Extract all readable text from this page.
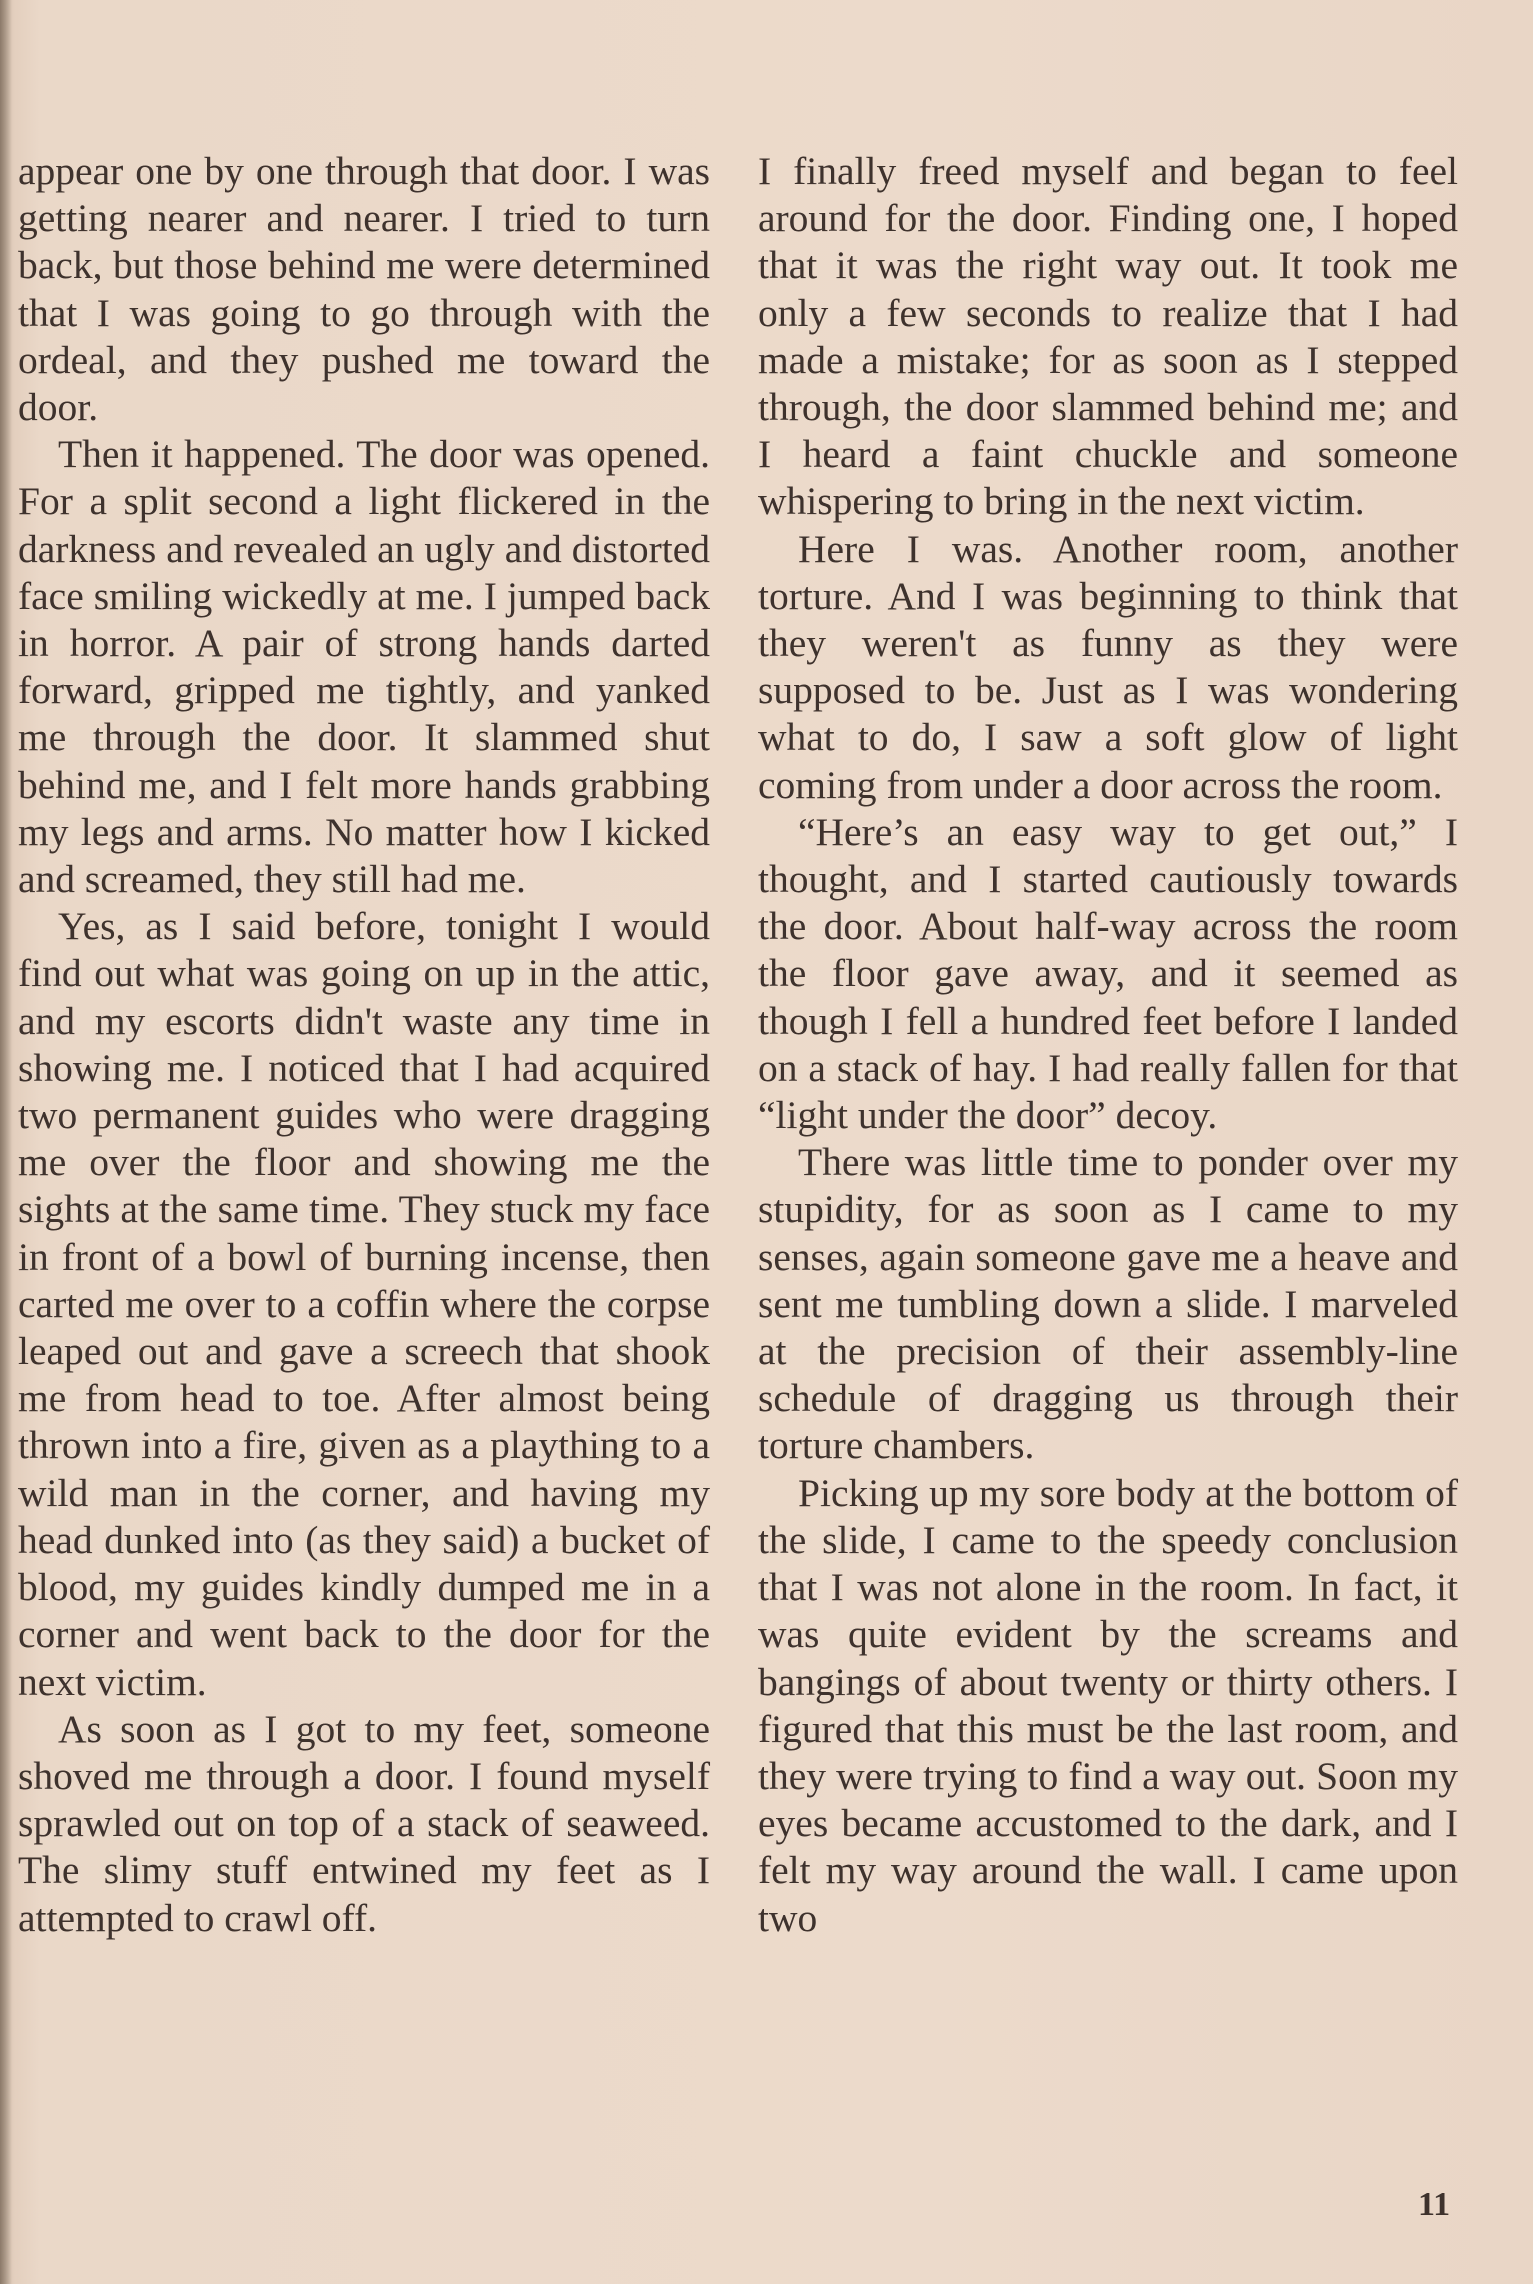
appear one by one through that door. I was getting nearer and nearer. I tried to turn back, but those behind me were determined that I was going to go through with the ordeal, and they pushed me toward the door.

Then it happened. The door was opened. For a split second a light flickered in the darkness and revealed an ugly and distorted face smiling wickedly at me. I jumped back in horror. A pair of strong hands darted forward, gripped me tightly, and yanked me through the door. It slammed shut behind me, and I felt more hands grabbing my legs and arms. No matter how I kicked and screamed, they still had me.

Yes, as I said before, tonight I would find out what was going on up in the attic, and my escorts didn't waste any time in showing me. I noticed that I had acquired two permanent guides who were dragging me over the floor and showing me the sights at the same time. They stuck my face in front of a bowl of burning incense, then carted me over to a coffin where the corpse leaped out and gave a screech that shook me from head to toe. After almost being thrown into a fire, given as a plaything to a wild man in the corner, and having my head dunked into (as they said) a bucket of blood, my guides kindly dumped me in a corner and went back to the door for the next victim.

As soon as I got to my feet, someone shoved me through a door. I found myself sprawled out on top of a stack of seaweed. The slimy stuff entwined my feet as I attempted to crawl off.

I finally freed myself and began to feel around for the door. Finding one, I hoped that it was the right way out. It took me only a few seconds to realize that I had made a mistake; for as soon as I stepped through, the door slammed behind me; and I heard a faint chuckle and someone whispering to bring in the next victim.

Here I was. Another room, another torture. And I was beginning to think that they weren't as funny as they were supposed to be. Just as I was wondering what to do, I saw a soft glow of light coming from under a door across the room.

“Here’s an easy way to get out,” I thought, and I started cautiously towards the door. About half-way across the room the floor gave away, and it seemed as though I fell a hundred feet before I landed on a stack of hay. I had really fallen for that “light under the door” decoy.

There was little time to ponder over my stupidity, for as soon as I came to my senses, again someone gave me a heave and sent me tumbling down a slide. I marveled at the precision of their assembly-line schedule of dragging us through their torture chambers.

Picking up my sore body at the bottom of the slide, I came to the speedy conclusion that I was not alone in the room. In fact, it was quite evident by the screams and bangings of about twenty or thirty others. I figured that this must be the last room, and they were trying to find a way out. Soon my eyes became accustomed to the dark, and I felt my way around the wall. I came upon two

11
